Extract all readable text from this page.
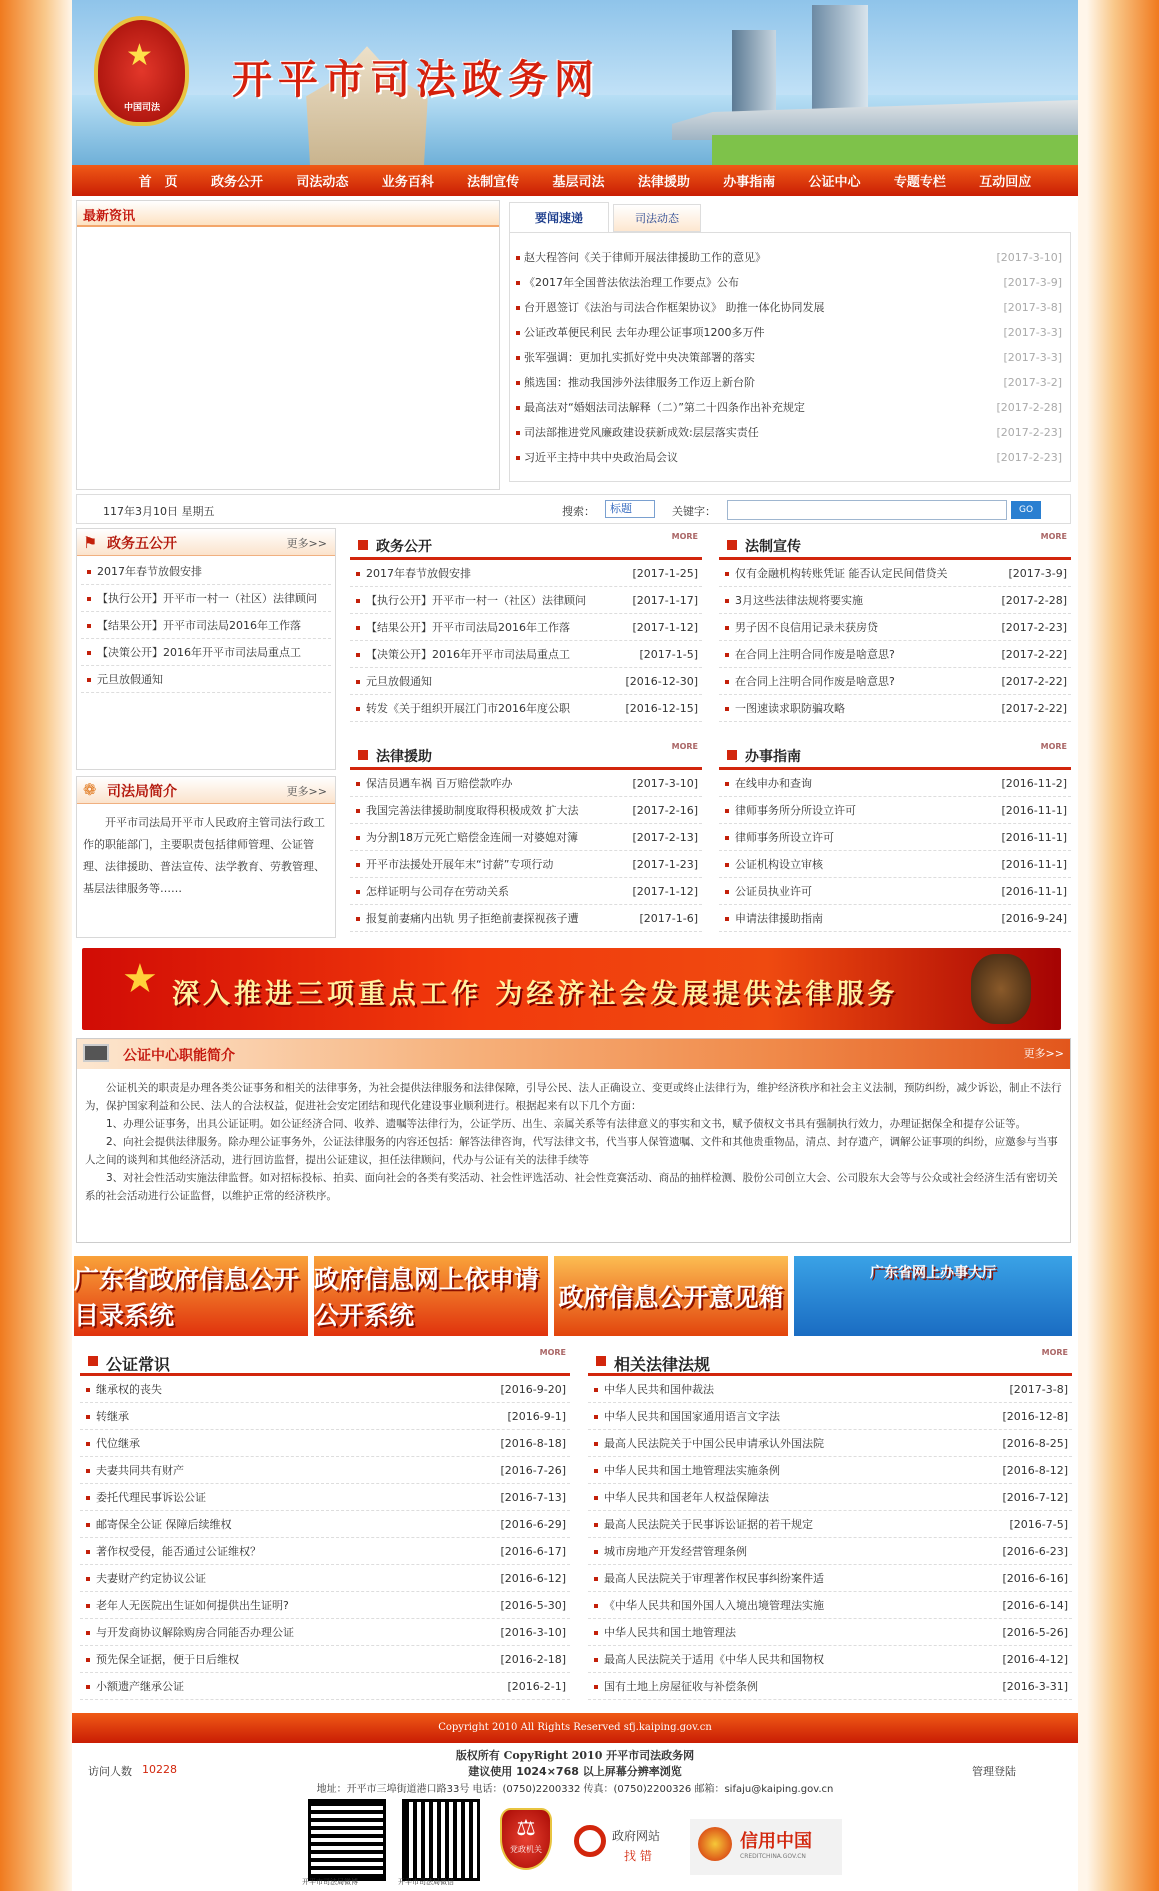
★
中国司法
开平市司法政务网
首　页	政务公开	司法动态	业务百科	法制宣传	基层司法	法律援助	办事指南	公证中心	专题专栏	互动回应
最新资讯	要闻速递	司法动态
赵大程答问《关于律师开展法律援助工作的意见》	[2017-3-10]
《2017年全国普法依法治理工作要点》公布	[2017-3-9]
台开恩签订《法治与司法合作框架协议》 助推一体化协同发展	[2017-3-8]
公证改革便民利民 去年办理公证事项1200多万件	[2017-3-3]
张军强调：更加扎实抓好党中央决策部署的落实	[2017-3-3]
熊选国：推动我国涉外法律服务工作迈上新台阶	[2017-3-2]
最高法对“婚姻法司法解释（二）”第二十四条作出补充规定	[2017-2-28]
司法部推进党风廉政建设获新成效:层层落实责任	[2017-2-23]
习近平主持中共中央政治局会议	[2017-2-23]
117年3月10日 星期五	搜索：	标题	关键字：	GO
政务五公开
⚑	更多>>
2017年春节放假安排
【执行公开】开平市一村一（社区）法律顾问
【结果公开】开平市司法局2016年工作落
【决策公开】2016年开平市司法局重点工
元旦放假通知
❁ 司法局简介	更多>>

开平市司法局开平市人民政府主管司法行政工作的职能部门，主要职责包括律师管理、公证管理、法律援助、普法宣传、法学教育、劳教管理、基层法律服务等……

政务公开
MORE
2017年春节放假安排	[2017-1-25]
【执行公开】开平市一村一（社区）法律顾问	[2017-1-17]
【结果公开】开平市司法局2016年工作落	[2017-1-12]
【决策公开】2016年开平市司法局重点工	[2017-1-5]
元旦放假通知	[2016-12-30]
转发《关于组织开展江门市2016年度公职	[2016-12-15]
法制宣传
MORE
仅有金融机构转账凭证 能否认定民间借贷关	[2017-3-9]
3月这些法律法规将要实施	[2017-2-28]
男子因不良信用记录未获房贷	[2017-2-23]
在合同上注明合同作废是啥意思?	[2017-2-22]
在合同上注明合同作废是啥意思?	[2017-2-22]
一图速读求职防骗攻略	[2017-2-22]
法律援助
MORE
保洁员遇车祸 百万赔偿款咋办	[2017-3-10]
我国完善法律援助制度取得积极成效 扩大法	[2017-2-16]
为分割18万元死亡赔偿金连闹一对婆媳对簿	[2017-2-13]
开平市法援处开展年末“讨薪”专项行动	[2017-1-23]
怎样证明与公司存在劳动关系	[2017-1-12]
报复前妻痛内出轨 男子拒绝前妻探视孩子遭	[2017-1-6]
办事指南
MORE
在线申办和查询	[2016-11-2]
律师事务所分所设立许可	[2016-11-1]
律师事务所设立许可	[2016-11-1]
公证机构设立审核	[2016-11-1]
公证员执业许可	[2016-11-1]
申请法律援助指南	[2016-9-24]
★ 深入推进三项重点工作 为经济社会发展提供法律服务
公证中心职能简介	更多>>

公证机关的职责是办理各类公证事务和相关的法律事务，为社会提供法律服务和法律保障，引导公民、法人正确设立、变更或终止法律行为，维护经济秩序和社会主义法制，预防纠纷，减少诉讼，制止不法行为，保护国家利益和公民、法人的合法权益，促进社会安定团结和现代化建设事业顺利进行。根据起来有以下几个方面：

1、办理公证事务，出具公证证明。如公证经济合同、收养、遗嘱等法律行为，公证学历、出生、亲属关系等有法律意义的事实和文书，赋予债权文书具有强制执行效力，办理证据保全和提存公证等。

2、向社会提供法律服务。除办理公证事务外，公证法律服务的内容还包括：解答法律咨询，代写法律文书，代当事人保管遗嘱、文件和其他贵重物品，清点、封存遗产，调解公证事项的纠纷，应邀参与当事人之间的谈判和其他经济活动，进行回访监督，提出公证建议，担任法律顾问，代办与公证有关的法律手续等

3、对社会性活动实施法律监督。如对招标投标、拍卖、面向社会的各类有奖活动、社会性评选活动、社会性竞赛活动、商品的抽样检测、股份公司创立大会、公司股东大会等与公众或社会经济生活有密切关系的社会活动进行公证监督，以维护正常的经济秩序。

广东省政府信息公开目录系统
政府信息网上依申请公开系统
政府信息公开意见箱
广东省网上办事大厅
公证常识
MORE
继承权的丧失	[2016-9-20]
转继承	[2016-9-1]
代位继承	[2016-8-18]
夫妻共同共有财产	[2016-7-26]
委托代理民事诉讼公证	[2016-7-13]
邮寄保全公证 保障后续维权	[2016-6-29]
著作权受侵，能否通过公证维权？	[2016-6-17]
夫妻财产约定协议公证	[2016-6-12]
老年人无医院出生证如何提供出生证明?	[2016-5-30]
与开发商协议解除购房合同能否办理公证	[2016-3-10]
预先保全证据，便于日后维权	[2016-2-18]
小额遗产继承公证	[2016-2-1]
相关法律法规
MORE
中华人民共和国仲裁法	[2017-3-8]
中华人民共和国国家通用语言文字法	[2016-12-8]
最高人民法院关于中国公民申请承认外国法院	[2016-8-25]
中华人民共和国土地管理法实施条例	[2016-8-12]
中华人民共和国老年人权益保障法	[2016-7-12]
最高人民法院关于民事诉讼证据的若干规定	[2016-7-5]
城市房地产开发经营管理条例	[2016-6-23]
最高人民法院关于审理著作权民事纠纷案件适	[2016-6-16]
《中华人民共和国外国人入境出境管理法实施	[2016-6-14]
中华人民共和国土地管理法	[2016-5-26]
最高人民法院关于适用《中华人民共和国物权	[2016-4-12]
国有土地上房屋征收与补偿条例	[2016-3-31]
Copyright 2010 All Rights Reserved sfj.kaiping.gov.cn
版权所有 CopyRight 2010 开平市司法政务网
建议使用 1024×768 以上屏幕分辨率浏览
地址：开平市三埠街道港口路33号 电话：(0750)2200332 传真：(0750)2200326 邮箱：sifaju@kaiping.gov.cn
访问人数 10228	管理登陆
开平市司法局微博	开平市司法局微信
⚖
党政机关
政府网站
找 错
信用中国
CREDITCHINA.GOV.CN
